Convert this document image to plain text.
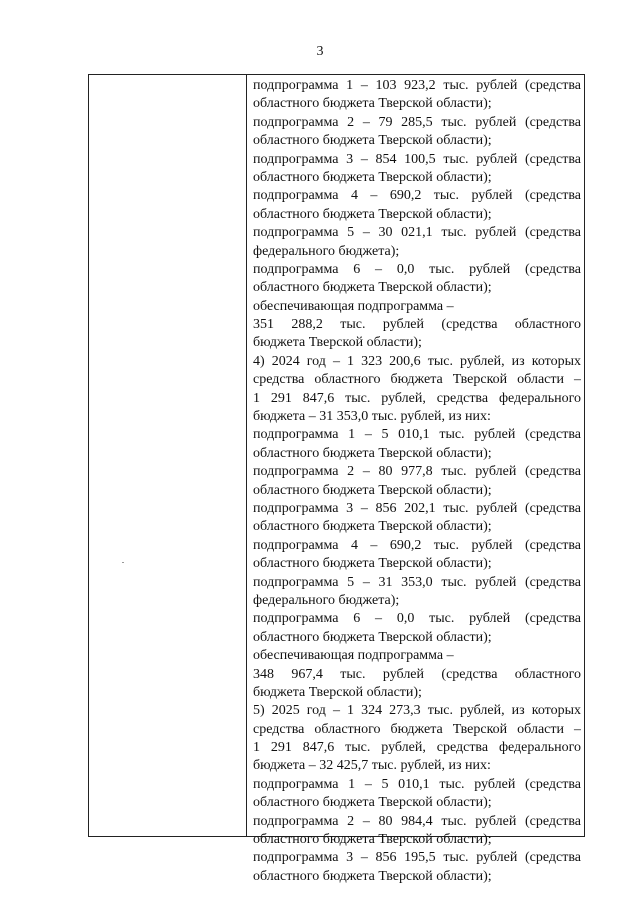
3
подпрограмма 1 – 103 923,2 тыс. рублей (средства
областного бюджета Тверской области);
подпрограмма 2 – 79 285,5 тыс. рублей (средства
областного бюджета Тверской области);
подпрограмма 3 – 854 100,5 тыс. рублей (средства
областного бюджета Тверской области);
подпрограмма 4 – 690,2 тыс. рублей (средства
областного бюджета Тверской области);
подпрограмма 5 – 30 021,1 тыс. рублей (средства
федерального бюджета);
подпрограмма 6 – 0,0 тыс. рублей (средства
областного бюджета Тверской области);
обеспечивающая подпрограмма –
351 288,2 тыс. рублей (средства областного
бюджета Тверской области);
4) 2024 год – 1 323 200,6 тыс. рублей, из которых
средства областного бюджета Тверской области –
1 291 847,6 тыс. рублей, средства федерального
бюджета – 31 353,0 тыс. рублей, из них:
подпрограмма 1 – 5 010,1 тыс. рублей (средства
областного бюджета Тверской области);
подпрограмма 2 – 80 977,8 тыс. рублей (средства
областного бюджета Тверской области);
подпрограмма 3 – 856 202,1 тыс. рублей (средства
областного бюджета Тверской области);
подпрограмма 4 – 690,2 тыс. рублей (средства
областного бюджета Тверской области);
подпрограмма 5 – 31 353,0 тыс. рублей (средства
федерального бюджета);
подпрограмма 6 – 0,0 тыс. рублей (средства
областного бюджета Тверской области);
обеспечивающая подпрограмма –
348 967,4 тыс. рублей (средства областного
бюджета Тверской области);
5) 2025 год – 1 324 273,3 тыс. рублей, из которых
средства областного бюджета Тверской области –
1 291 847,6 тыс. рублей, средства федерального
бюджета – 32 425,7 тыс. рублей, из них:
подпрограмма 1 – 5 010,1 тыс. рублей (средства
областного бюджета Тверской области);
подпрограмма 2 – 80 984,4 тыс. рублей (средства
областного бюджета Тверской области);
подпрограмма 3 – 856 195,5 тыс. рублей (средства
областного бюджета Тверской области);
